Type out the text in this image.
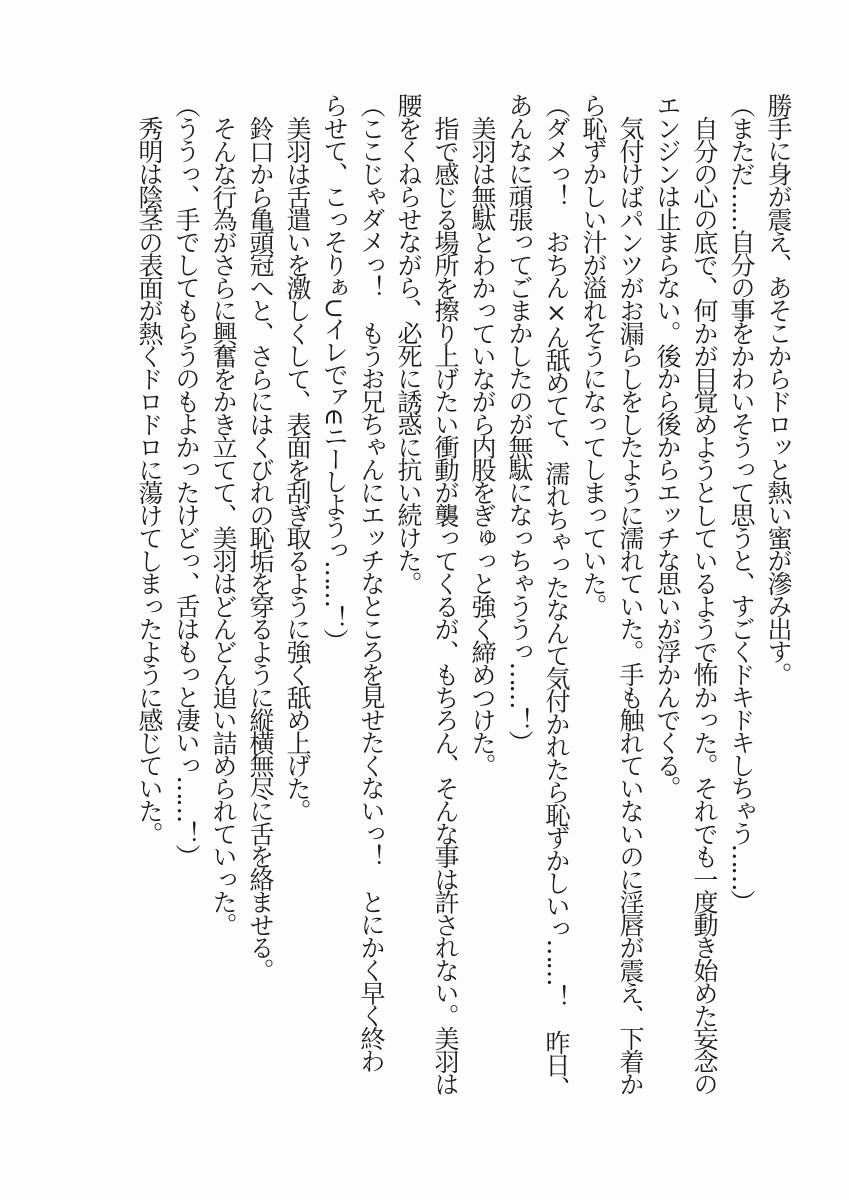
勝手に身が震え、あそこからドロッと熱い蜜が滲み出す。

（まただ……自分の事をかわいそうって思うと、すごくドキドキしちゃう……）

自分の心の底で、何かが目覚めようとしているようで怖かった。それでも一度動き始めた妄念の

エンジンは止まらない。後から後からエッチな思いが浮かんでくる。

気付けばパンツがお漏らしをしたように濡れていた。手も触れていないのに淫唇が震え、下着か

ら恥ずかしい汁が溢れそうになってしまっていた。

（ダメっ！　おちん×ん舐めてて、濡れちゃったなんて気付かれたら恥ずかしいっ……！　昨日、

あんなに頑張ってごまかしたのが無駄になっちゃううっ……！）

美羽は無駄とわかっていながら内股をぎゅっと強く締めつけた。

指で感じる場所を擦り上げたい衝動が襲ってくるが、もちろん、そんな事は許されない。美羽は

腰をくねらせながら、必死に誘惑に抗い続けた。

（ここじゃダメっ！　もうお兄ちゃんにエッチなところを見せたくないっ！　とにかく早く終わ

らせて、こっそりぁ∪イレでァ∈ニーしようっ……！）

美羽は舌遣いを激しくして、表面を刮ぎ取るように強く舐め上げた。

鈴口から亀頭冠へと、さらにはくびれの恥垢を穿るように縦横無尽に舌を絡ませる。

そんな行為がさらに興奮をかき立てて、美羽はどんどん追い詰められていった。

（ううっ、手でしてもらうのもよかったけどっ、舌はもっと凄いっ……！）

秀明は陰茎の表面が熱くドロドロに蕩けてしまったように感じていた。
